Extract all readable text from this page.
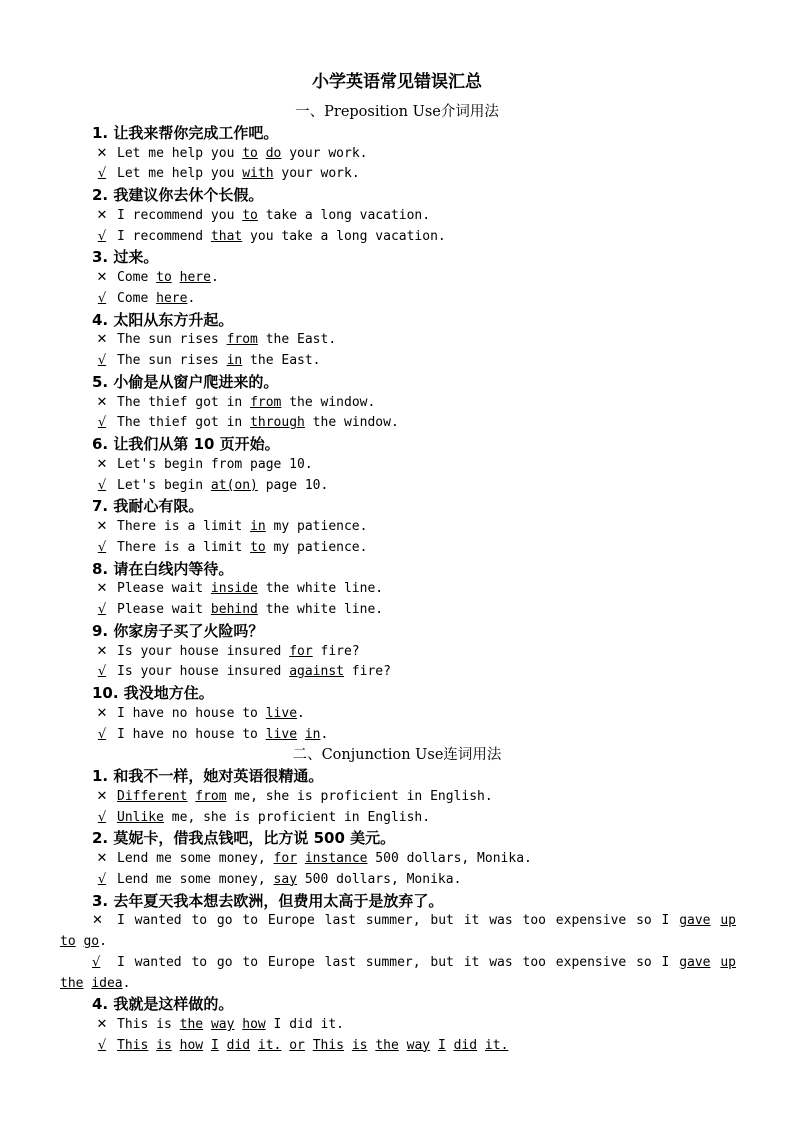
小学英语常见错误汇总
一、Preposition Use介词用法
1. 让我来帮你完成工作吧。
✕ Let me help you to do your work.
√ Let me help you with your work.
2. 我建议你去休个长假。
✕ I recommend you to take a long vacation.
√ I recommend that you take a long vacation.
3. 过来。
✕ Come to here.
√ Come here.
4. 太阳从东方升起。
✕ The sun rises from the East.
√ The sun rises in the East.
5. 小偷是从窗户爬进来的。
✕ The thief got in from the window.
√ The thief got in through the window.
6. 让我们从第 10 页开始。
✕ Let's begin from page 10.
√ Let's begin at(on) page 10.
7. 我耐心有限。
✕ There is a limit in my patience.
√ There is a limit to my patience.
8. 请在白线内等待。
✕ Please wait inside the white line.
√ Please wait behind the white line.
9. 你家房子买了火险吗？
✕ Is your house insured for fire?
√ Is your house insured against fire?
10. 我没地方住。
✕ I have no house to live.
√ I have no house to live in.
二、Conjunction Use连词用法
1. 和我不一样，她对英语很精通。
✕ Different from me, she is proficient in English.
√ Unlike me, she is proficient in English.
2. 莫妮卡，借我点钱吧，比方说 500 美元。
✕ Lend me some money, for instance 500 dollars, Monika.
√ Lend me some money, say 500 dollars, Monika.
3. 去年夏天我本想去欧洲，但费用太高于是放弃了。
✕ I wanted to go to Europe last summer, but it was too expensive so I gave up
to go.
√ I wanted to go to Europe last summer, but it was too expensive so I gave up
the idea.
4. 我就是这样做的。
✕ This is the way how I did it.
√ This is how I did it. or This is the way I did it.
